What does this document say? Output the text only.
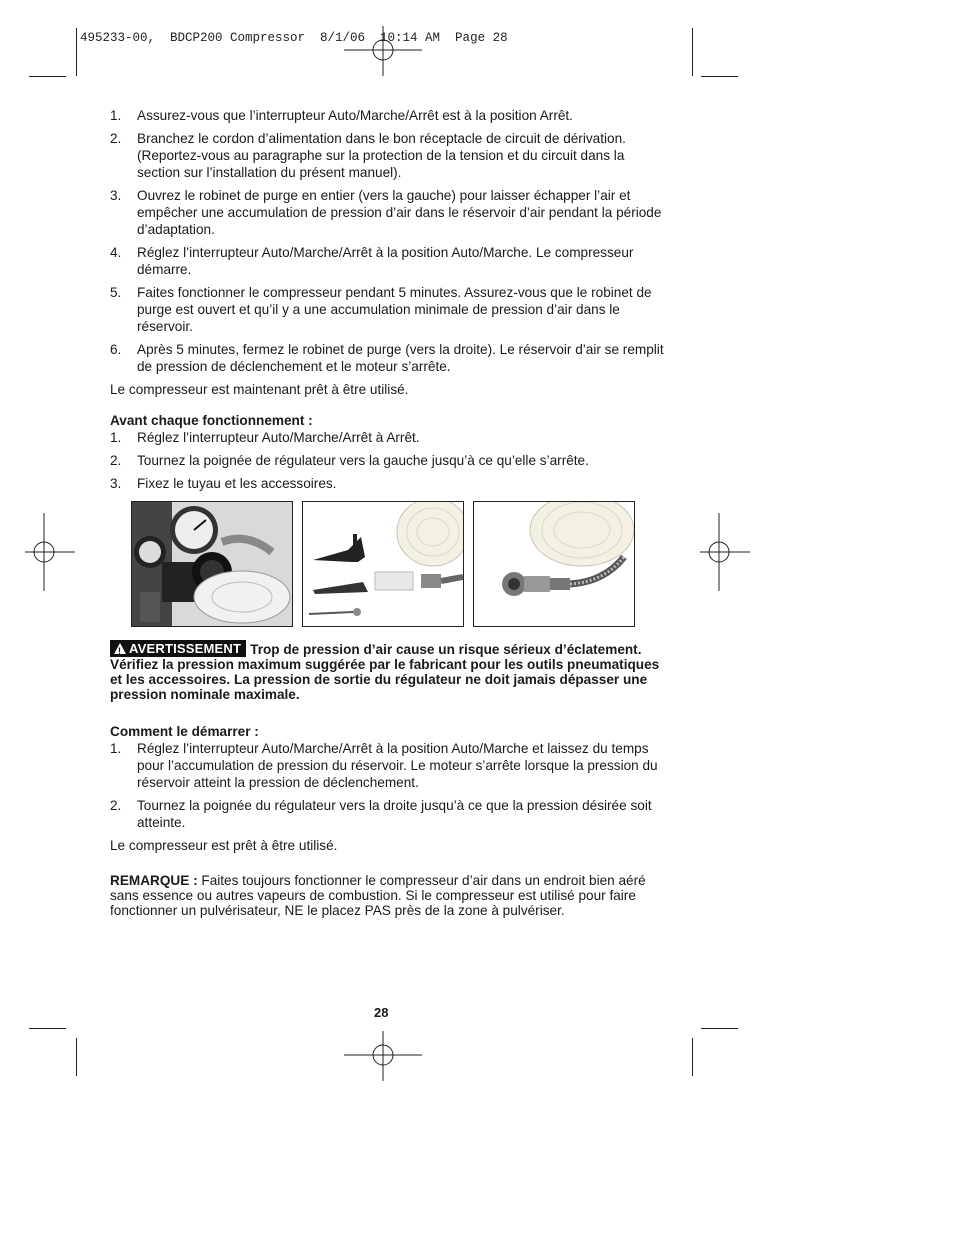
495233-00,  BDCP200 Compressor  8/1/06  10:14 AM  Page 28
1. Assurez-vous que l’interrupteur Auto/Marche/Arrêt est à la position Arrêt.
2. Branchez le cordon d’alimentation dans le bon réceptacle de circuit de dérivation. (Reportez-vous au paragraphe sur la protection de la tension et du circuit dans la section sur l’installation du présent manuel).
3. Ouvrez le robinet de purge en entier (vers la gauche) pour laisser échapper l’air et empêcher une accumulation de pression d’air dans le réservoir d’air pendant la période d’adaptation.
4. Réglez l’interrupteur Auto/Marche/Arrêt à la position Auto/Marche. Le compresseur démarre.
5. Faites fonctionner le compresseur pendant 5 minutes. Assurez-vous que le robinet de purge est ouvert et qu’il y a une accumulation minimale de pression d’air dans le réservoir.
6. Après 5 minutes, fermez le robinet de purge (vers la droite). Le réservoir d’air se remplit de pression de déclenchement et le moteur s’arrête.

Le compresseur est maintenant prêt à être utilisé.

Avant chaque fonctionnement :
1. Réglez l’interrupteur Auto/Marche/Arrêt à Arrêt.
2. Tournez la poignée de régulateur vers la gauche jusqu’à ce qu’elle s’arrête.
3. Fixez le tuyau et les accessoires.
!AVERTISSEMENT Trop de pression d’air cause un risque sérieux d’éclatement. Vérifiez la pression maximum suggérée par le fabricant pour les outils pneumatiques et les accessoires. La pression de sortie du régulateur ne doit jamais dépasser une pression nominale maximale.
Comment le démarrer :
1. Réglez l’interrupteur Auto/Marche/Arrêt à la position Auto/Marche et laissez du temps pour l’accumulation de pression du réservoir. Le moteur s’arrête lorsque la pression du réservoir atteint la pression de déclenchement.
2. Tournez la poignée du régulateur vers la droite jusqu’à ce que la pression désirée soit atteinte.

Le compresseur est prêt à être utilisé.

REMARQUE : Faites toujours fonctionner le compresseur d’air dans un endroit bien aéré sans essence ou autres vapeurs de combustion. Si le compresseur est utilisé pour faire fonctionner un pulvérisateur, NE le placez PAS près de la zone à pulvériser.
28
